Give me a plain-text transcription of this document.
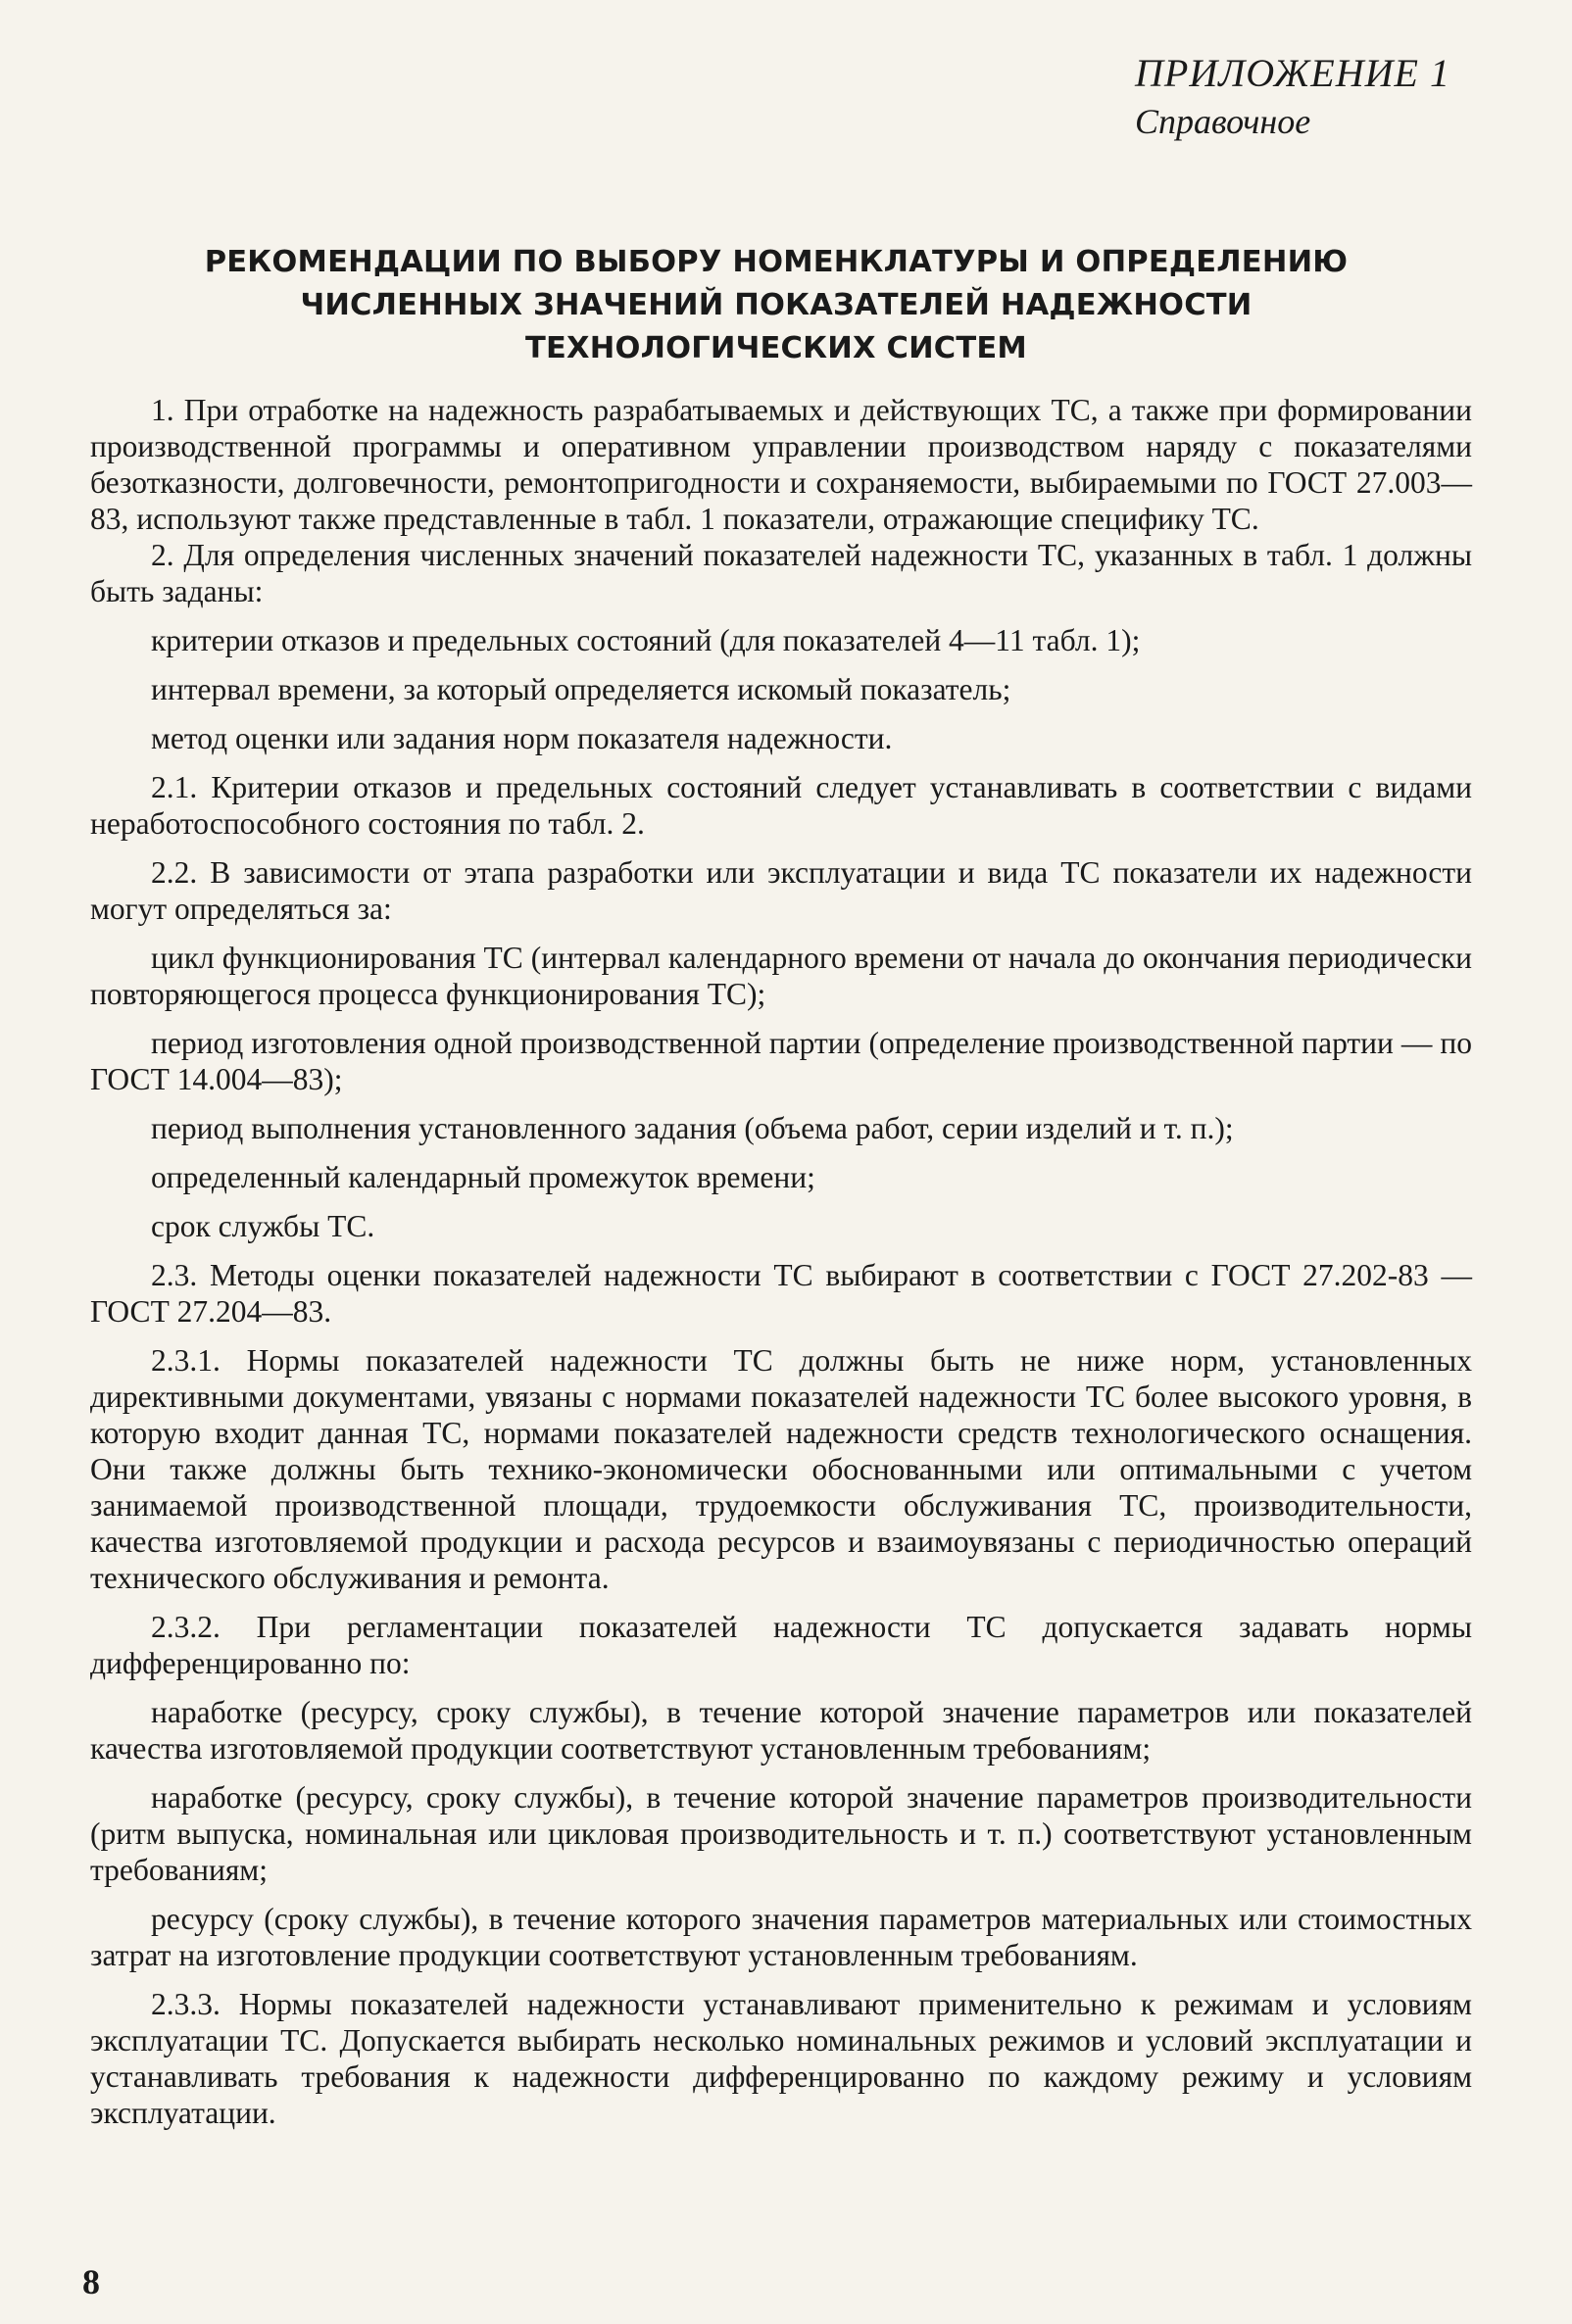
ПРИЛОЖЕНИЕ 1
Справочное
РЕКОМЕНДАЦИИ ПО ВЫБОРУ НОМЕНКЛАТУРЫ И ОПРЕДЕЛЕНИЮ
ЧИСЛЕННЫХ ЗНАЧЕНИЙ ПОКАЗАТЕЛЕЙ НАДЕЖНОСТИ
ТЕХНОЛОГИЧЕСКИХ СИСТЕМ

1. При отработке на надежность разрабатываемых и действующих ТС, а также при формировании производственной программы и оперативном управлении производством наряду с показателями безотказности, долговечности, ремонтопригодности и сохраняемости, выбираемыми по ГОСТ 27.003—83, используют также представленные в табл. 1 показатели, отражающие специфику ТС.

2. Для определения численных значений показателей надежности ТС, указанных в табл. 1 должны быть заданы:

критерии отказов и предельных состояний (для показателей 4—11 табл. 1);

интервал времени, за который определяется искомый показатель;

метод оценки или задания норм показателя надежности.

2.1. Критерии отказов и предельных состояний следует устанавливать в соответствии с видами неработоспособного состояния по табл. 2.

2.2. В зависимости от этапа разработки или эксплуатации и вида ТС показатели их надежности могут определяться за:

цикл функционирования ТС (интервал календарного времени от начала до окончания периодически повторяющегося процесса функционирования ТС);

период изготовления одной производственной партии (определение производственной партии — по ГОСТ 14.004—83);

период выполнения установленного задания (объема работ, серии изделий и т. п.);

определенный календарный промежуток времени;

срок службы ТС.

2.3. Методы оценки показателей надежности ТС выбирают в соответствии с ГОСТ 27.202-83 — ГОСТ 27.204—83.

2.3.1. Нормы показателей надежности ТС должны быть не ниже норм, установленных директивными документами, увязаны с нормами показателей надежности ТС более высокого уровня, в которую входит данная ТС, нормами показателей надежности средств технологического оснащения. Они также должны быть технико-экономически обоснованными или оптимальными с учетом занимаемой производственной площади, трудоемкости обслуживания ТС, производительности, качества изготовляемой продукции и расхода ресурсов и взаимоувязаны с периодичностью операций технического обслуживания и ремонта.

2.3.2. При регламентации показателей надежности ТС допускается задавать нормы дифференцированно по:

наработке (ресурсу, сроку службы), в течение которой значение параметров или показателей качества изготовляемой продукции соответствуют установленным требованиям;

наработке (ресурсу, сроку службы), в течение которой значение параметров производительности (ритм выпуска, номинальная или цикловая производительность и т. п.) соответствуют установленным требованиям;

ресурсу (сроку службы), в течение которого значения параметров материальных или стоимостных затрат на изготовление продукции соответствуют установленным требованиям.

2.3.3. Нормы показателей надежности устанавливают применительно к режимам и условиям эксплуатации ТС. Допускается выбирать несколько номинальных режимов и условий эксплуатации и устанавливать требования к надежности дифференцированно по каждому режиму и условиям эксплуатации.

8
